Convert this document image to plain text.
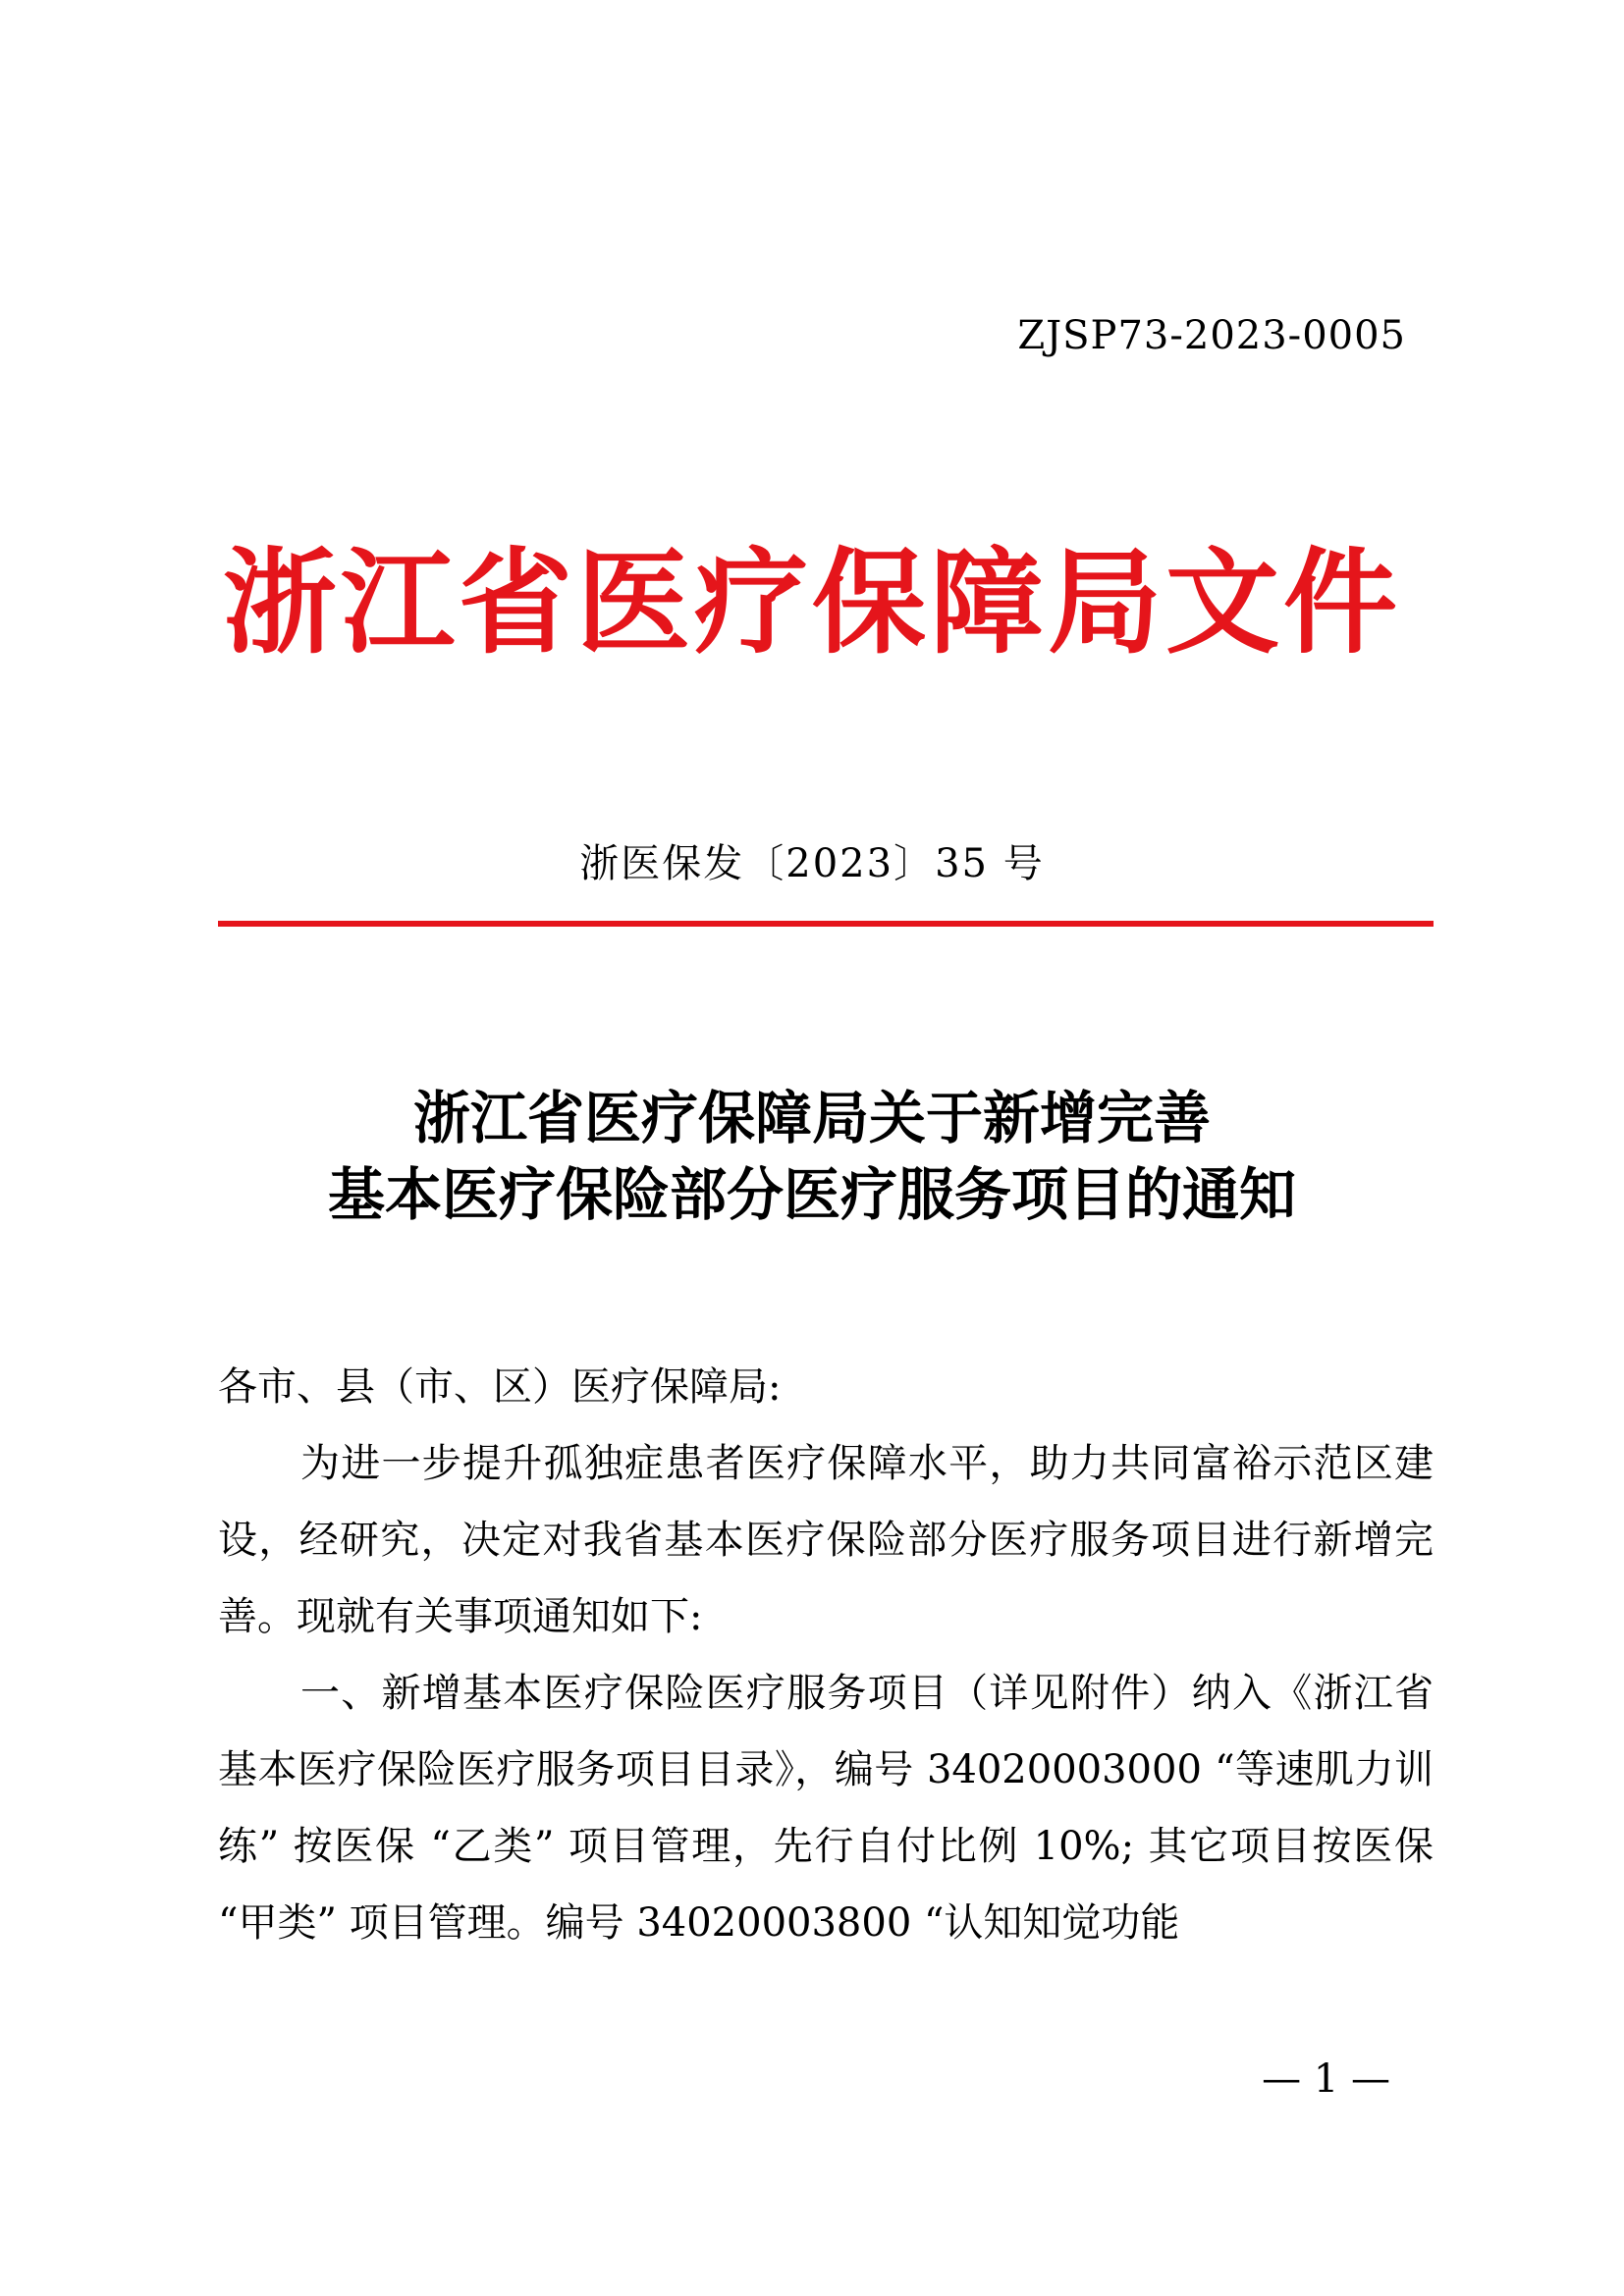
ZJSP73-2023-0005
浙江省医疗保障局文件
浙医保发〔2023〕35 号
浙江省医疗保障局关于新增完善
基本医疗保险部分医疗服务项目的通知

各市、县（市、区）医疗保障局:

为进一步提升孤独症患者医疗保障水平，助力共同富裕示范区建设，经研究，决定对我省基本医疗保险部分医疗服务项目进行新增完善。现就有关事项通知如下:

一、新增基本医疗保险医疗服务项目（详见附件）纳入《浙江省基本医疗保险医疗服务项目目录》，编号 34020003000 “等速肌力训练” 按医保 “乙类” 项目管理，先行自付比例 10%; 其它项目按医保 “甲类” 项目管理。编号 34020003800 “认知知觉功能

— 1 —
